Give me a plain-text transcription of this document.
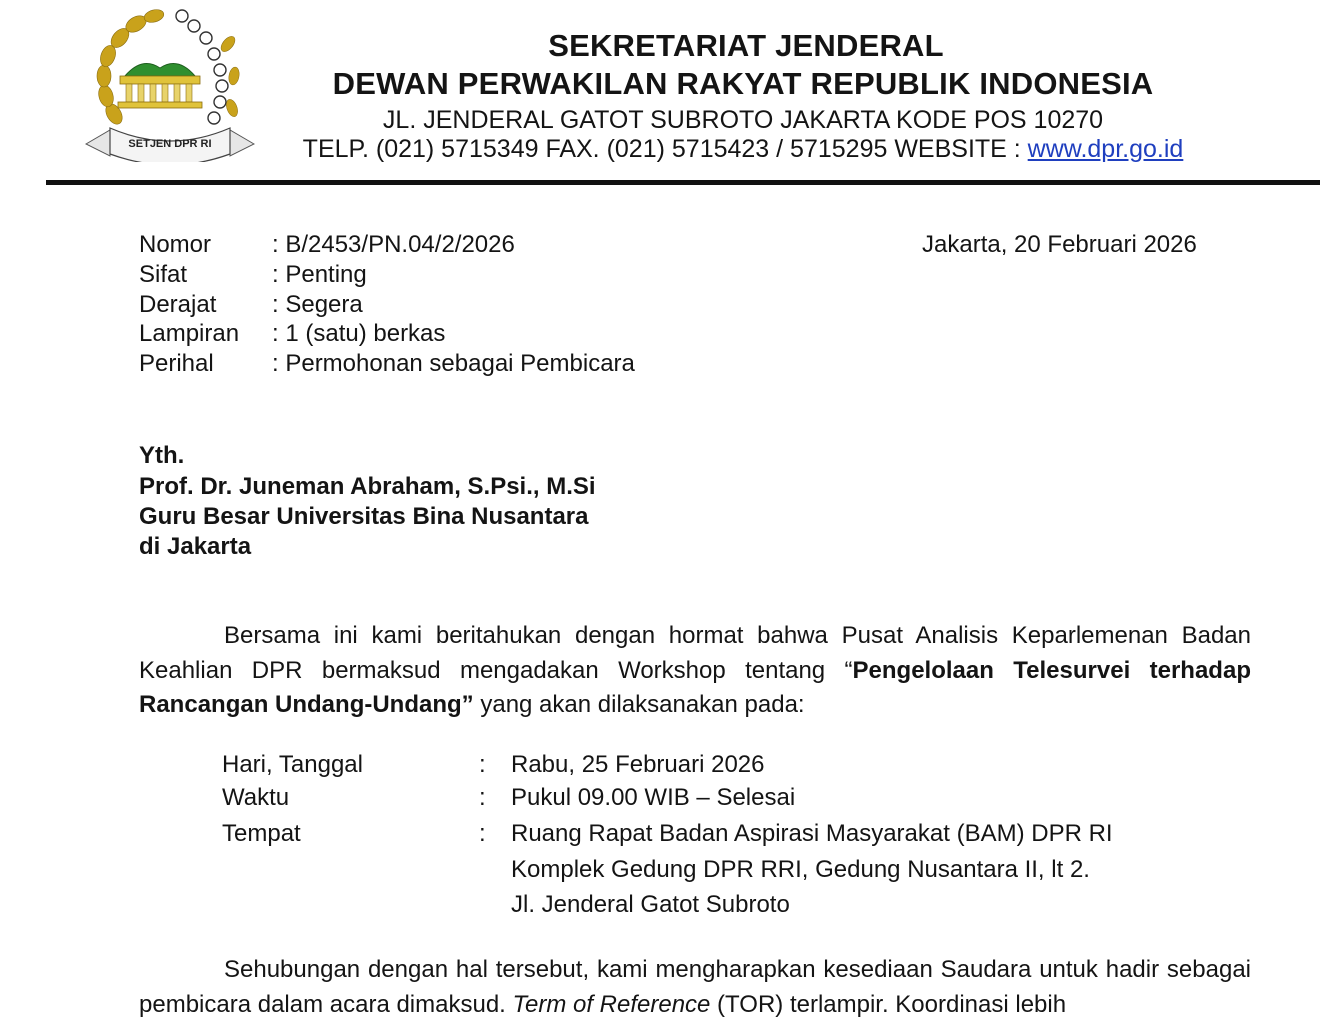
SETJEN DPR RI
SEKRETARIAT JENDERAL
DEWAN PERWAKILAN RAKYAT REPUBLIK INDONESIA
JL. JENDERAL GATOT SUBROTO JAKARTA KODE POS 10270
TELP. (021) 5715349 FAX. (021) 5715423 / 5715295 WEBSITE : www.dpr.go.id
Jakarta, 20 Februari 2026
Nomor	: B/2453/PN.04/2/2026
Sifat	: Penting
Derajat : Segera
Lampiran : 1 (satu) berkas
Perihal : Permohonan sebagai Pembicara
Yth.
Prof. Dr. Juneman Abraham, S.Psi., M.Si
Guru Besar Universitas Bina Nusantara
di Jakarta

Bersama ini kami beritahukan dengan hormat bahwa Pusat Analisis Keparlemenan Badan Keahlian DPR bermaksud mengadakan Workshop tentang “Pengelolaan Telesurvei terhadap Rancangan Undang-Undang” yang akan dilaksanakan pada:

Hari, Tanggal	: Rabu, 25 Februari 2026
Waktu	: Pukul 09.00 WIB – Selesai
Tempat	: Ruang Rapat Badan Aspirasi Masyarakat (BAM) DPR RI
Komplek Gedung DPR RRI, Gedung Nusantara II, lt 2.
Jl. Jenderal Gatot Subroto

Sehubungan dengan hal tersebut, kami mengharapkan kesediaan Saudara untuk hadir sebagai pembicara dalam acara dimaksud. Term of Reference (TOR) terlampir. Koordinasi lebih
